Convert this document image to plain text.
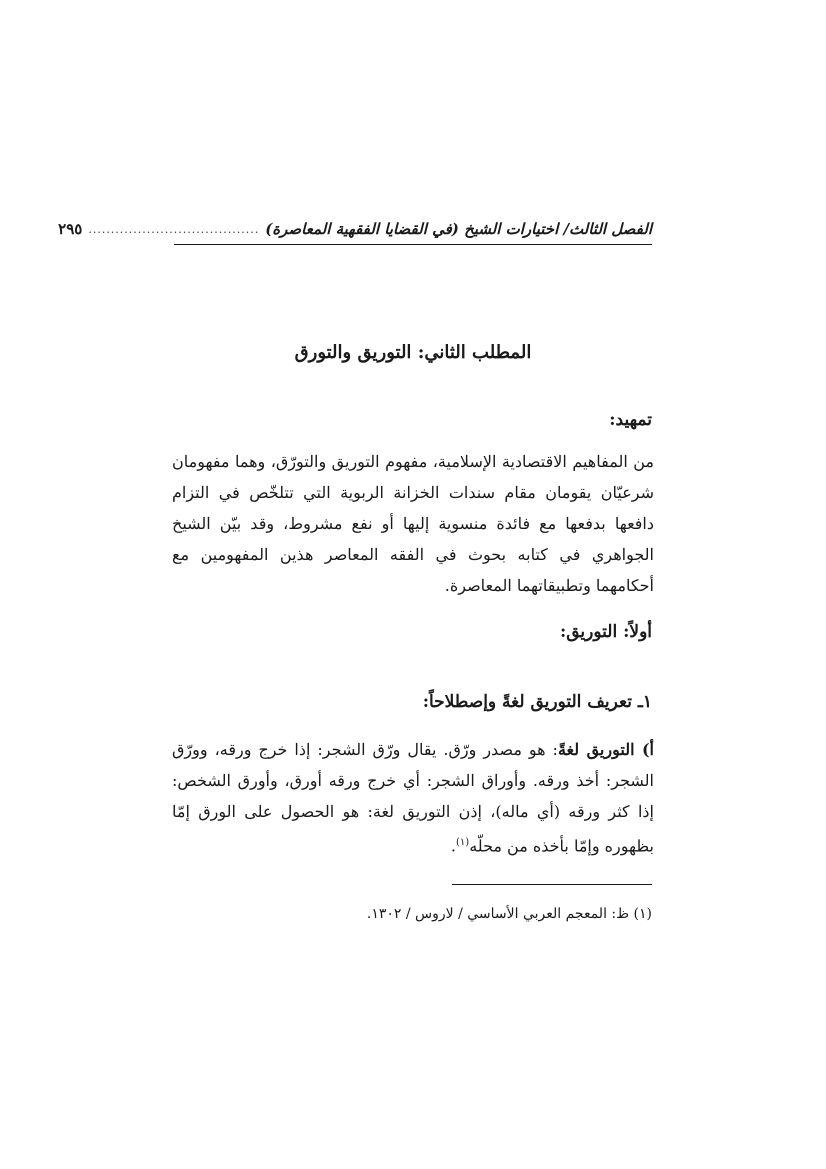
الفصل الثالث/ اختيارات الشيخ (في القضايا الفقهية المعاصرة)
......................................
٢٩٥
المطلب الثاني: التوريق والتورق
تمهيد:
من المفاهيم الاقتصادية الإسلامية، مفهوم التوريق والتورّق، وهما مفهومان شرعيّان يقومان مقام سندات الخزانة الربوية التي تتلخّص في التزام دافعها بدفعها مع فائدة منسوية إليها أو نفع مشروط، وقد بيّن الشيخ الجواهري في كتابه بحوث في الفقه المعاصر هذين المفهومين مع أحكامهما وتطبيقاتهما المعاصرة.
أولاً: التوريق:
١ـ تعريف التوريق لغةً وإصطلاحاً:
أ) التوريق لغةً: هو مصدر ورّق. يقال ورّق الشجر: إذا خرج ورقه، وورّق الشجر: أخذ ورقه. وأوراق الشجر: أي خرج ورقه أورق، وأورق الشخص: إذا كثر ورقه (أي ماله)، إذن التوريق لغة: هو الحصول على الورق إمّا بظهوره وإمّا بأخذه من محلّه$^{(١)}$.
(١) ظ: المعجم العربي الأساسي / لاروس / ١٣٠٢.
